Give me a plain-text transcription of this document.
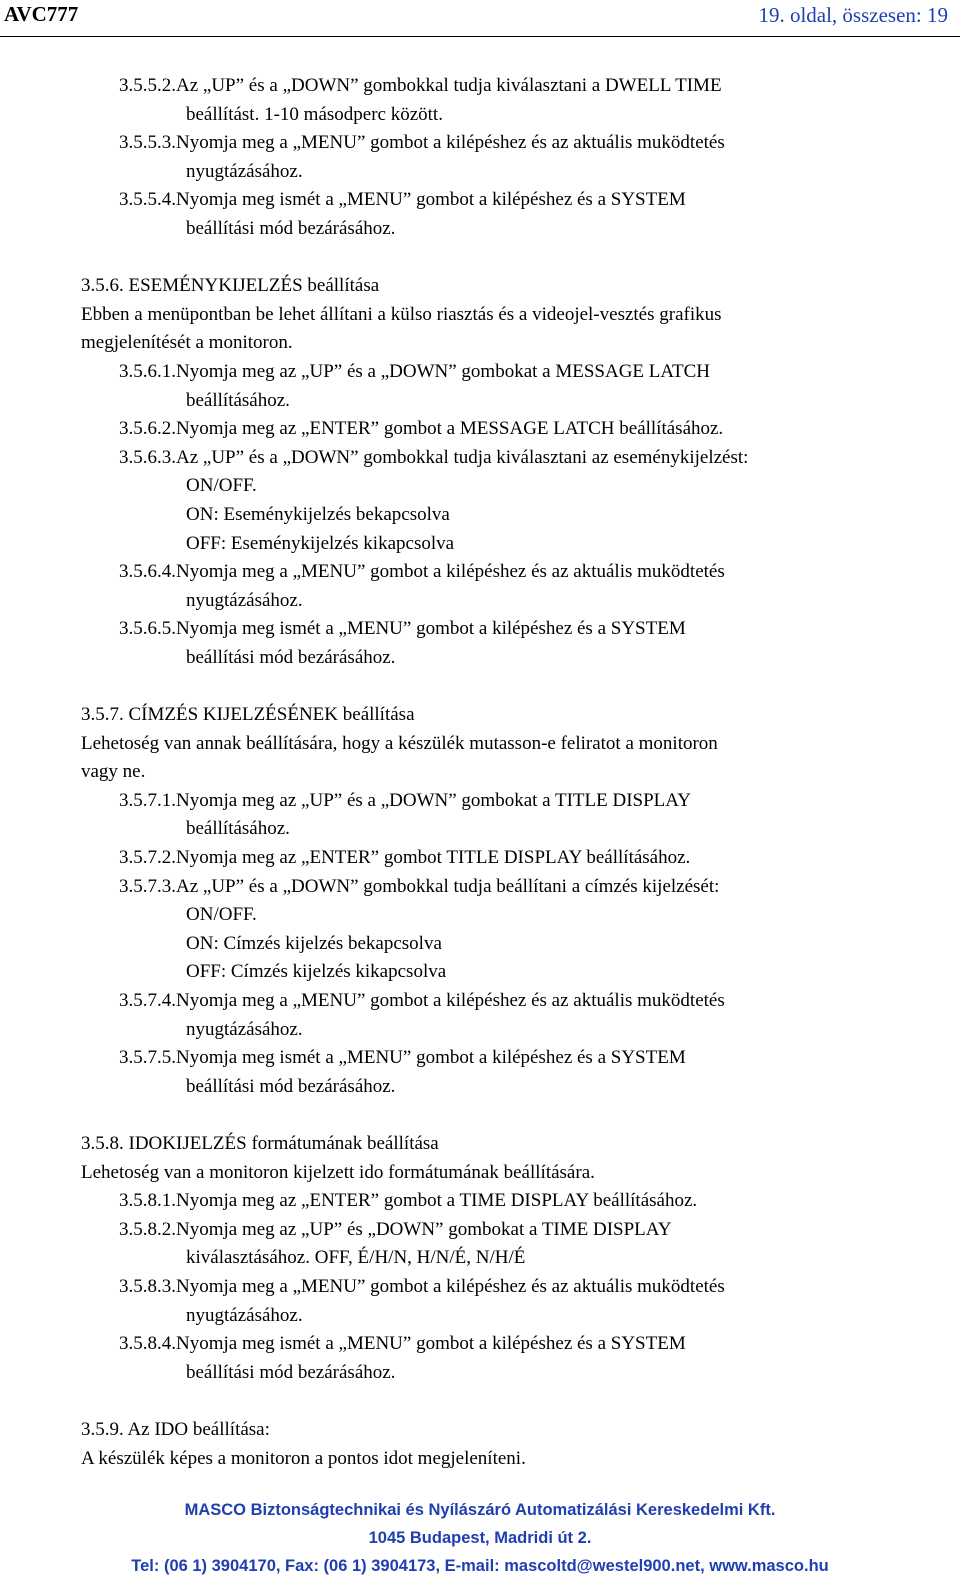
AVC777	19. oldal, összesen: 19
3.5.5.2.Az „UP” és a „DOWN” gombokkal tudja kiválasztani a DWELL TIME
beállítást. 1-10 másodperc között.
3.5.5.3.Nyomja meg a „MENU” gombot a kilépéshez és az aktuális muködtetés
nyugtázásához.
3.5.5.4.Nyomja meg ismét a „MENU” gombot a kilépéshez és a SYSTEM
beállítási mód bezárásához.
3.5.6. ESEMÉNYKIJELZÉS beállítása
Ebben a menüpontban be lehet állítani a külso riasztás és a videojel-vesztés grafikus
megjelenítését a monitoron.
3.5.6.1.Nyomja meg az „UP” és a „DOWN” gombokat a MESSAGE LATCH
beállításához.
3.5.6.2.Nyomja meg az „ENTER” gombot a MESSAGE LATCH beállításához.
3.5.6.3.Az „UP” és a „DOWN” gombokkal tudja kiválasztani az eseménykijelzést:
ON/OFF.
ON: Eseménykijelzés bekapcsolva
OFF: Eseménykijelzés kikapcsolva
3.5.6.4.Nyomja meg a „MENU” gombot a kilépéshez és az aktuális muködtetés
nyugtázásához.
3.5.6.5.Nyomja meg ismét a „MENU” gombot a kilépéshez és a SYSTEM
beállítási mód bezárásához.
3.5.7. CÍMZÉS KIJELZÉSÉNEK beállítása
Lehetoség van annak beállítására, hogy a készülék mutasson-e feliratot a monitoron
vagy ne.
3.5.7.1.Nyomja meg az „UP” és a „DOWN” gombokat a TITLE DISPLAY
beállításához.
3.5.7.2.Nyomja meg az „ENTER” gombot TITLE DISPLAY beállításához.
3.5.7.3.Az „UP” és a „DOWN” gombokkal tudja beállítani a címzés kijelzését:
ON/OFF.
ON: Címzés kijelzés bekapcsolva
OFF: Címzés kijelzés kikapcsolva
3.5.7.4.Nyomja meg a „MENU” gombot a kilépéshez és az aktuális muködtetés
nyugtázásához.
3.5.7.5.Nyomja meg ismét a „MENU” gombot a kilépéshez és a SYSTEM
beállítási mód bezárásához.
3.5.8. IDOKIJELZÉS formátumának beállítása
Lehetoség van a monitoron kijelzett ido formátumának beállítására.
3.5.8.1.Nyomja meg az „ENTER” gombot a TIME DISPLAY beállításához.
3.5.8.2.Nyomja meg az „UP” és „DOWN” gombokat a TIME DISPLAY
kiválasztásához. OFF, É/H/N, H/N/É, N/H/É
3.5.8.3.Nyomja meg a „MENU” gombot a kilépéshez és az aktuális muködtetés
nyugtázásához.
3.5.8.4.Nyomja meg ismét a „MENU” gombot a kilépéshez és a SYSTEM
beállítási mód bezárásához.
3.5.9. Az IDO beállítása:
A készülék képes a monitoron a pontos idot megjeleníteni.
MASCO Biztonságtechnikai és Nyílászáró Automatizálási Kereskedelmi Kft.
1045 Budapest, Madridi út 2.
Tel: (06 1) 3904170, Fax: (06 1) 3904173, E-mail: mascoltd@westel900.net, www.masco.hu
